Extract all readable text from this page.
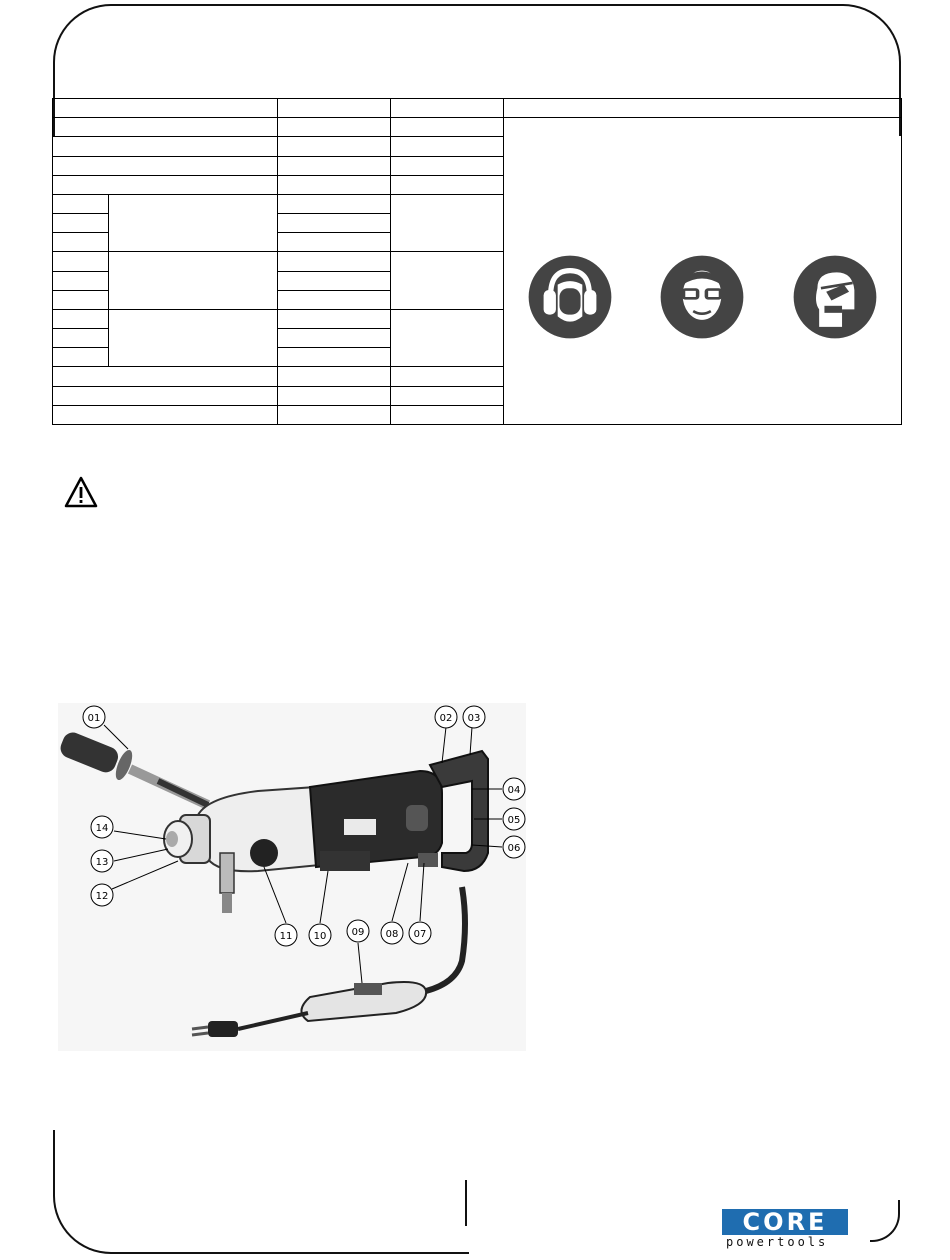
01	02 03
04
05
06
07
08
09
10
11
12
13
14
CORE
powertools
